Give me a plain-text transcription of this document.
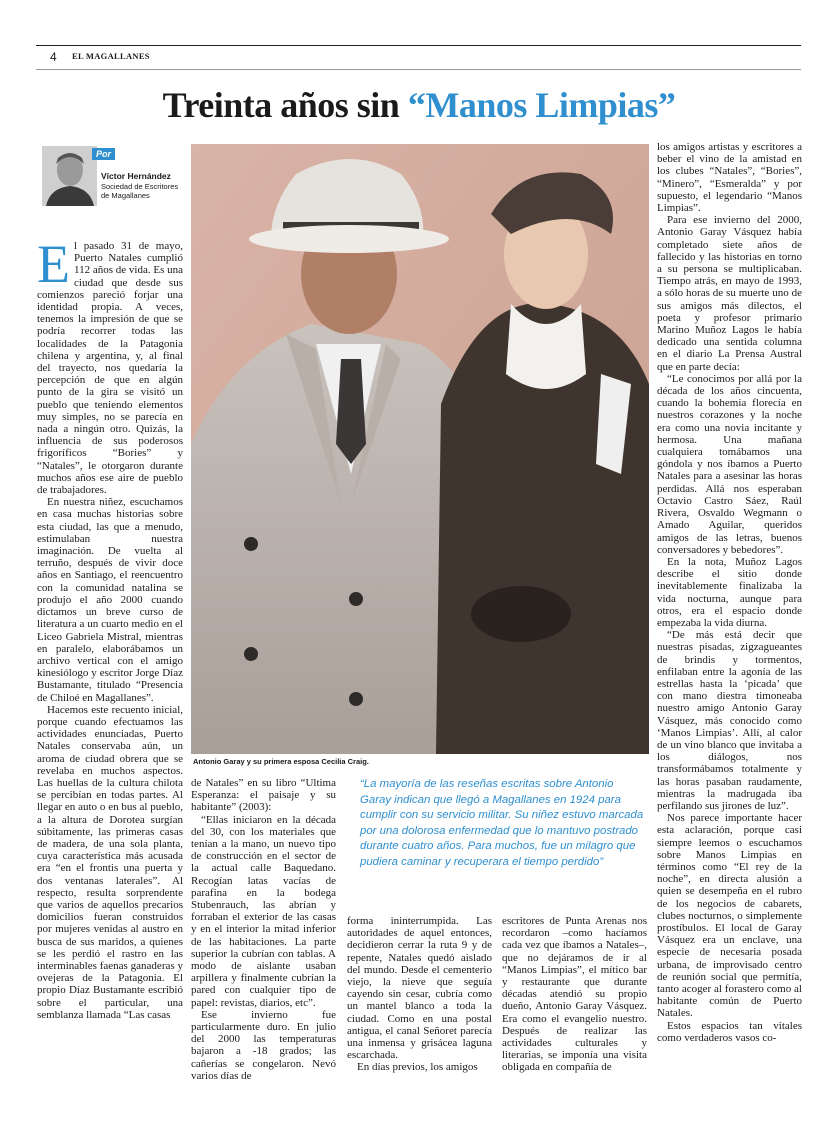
4 EL MAGALLANES
Treinta años sin “Manos Limpias”
Por
Víctor Hernández
Sociedad de Escritores de Magallanes

El pasado 31 de mayo, Puerto Natales cumplió 112 años de vida. Es una ciudad que desde sus comienzos pareció forjar una identidad propia. A veces, tenemos la impresión de que se podría recorrer todas las localidades de la Patagonia chilena y argentina, y, al final del trayecto, nos quedaría la percepción de que en algún punto de la gira se visitó un pueblo que teniendo elementos muy simples, no se parecía en nada a ningún otro. Quizás, la influencia de sus poderosos frigoríficos “Bories” y “Natales”, le otorgaron durante muchos años ese aire de pueblo de trabajadores.

En nuestra niñez, escuchamos en casa muchas historias sobre esta ciudad, las que a menudo, estimulaban nuestra imaginación. De vuelta al terruño, después de vivir doce años en Santiago, el reencuentro con la comunidad natalina se produjo el año 2000 cuando dictamos un breve curso de literatura a un cuarto medio en el Liceo Gabriela Mistral, mientras en paralelo, elaborábamos un archivo vertical con el amigo kinesiólogo y escritor Jorge Díaz Bustamante, titulado “Presencia de Chiloé en Magallanes”.

Hacemos este recuento inicial, porque cuando efectuamos las actividades enunciadas, Puerto Natales conservaba aún, un aroma de ciudad obrera que se revelaba en muchos aspectos. Las huellas de la cultura chilota se percibían en todas partes. Al llegar en auto o en bus al pueblo, a la altura de Dorotea surgían súbitamente, las primeras casas de madera, de una sola planta, cuya característica más acusada era “en el frontis una puerta y dos ventanas laterales”. Al respecto, resulta sorprendente que varios de aquellos precarios domicilios fueran construidos por mujeres venidas al austro en busca de sus maridos, a quienes se les perdió el rastro en las interminables faenas ganaderas y ovejeras de la Patagonia. El propio Díaz Bustamante escribió sobre el particular, una semblanza llamada “Las casas

Antonio Garay y su primera esposa Cecilia Craig.
“La mayoría de las reseñas escritas sobre Antonio Garay indican que llegó a Magallanes en 1924 para cumplir con su servicio militar. Su niñez estuvo marcada por una dolorosa enfermedad que lo mantuvo postrado durante cuatro años. Para muchos, fue un milagro que pudiera caminar y recuperara el tiempo perdido”

de Natales” en su libro “Ultima Esperanza: el paisaje y su habitante” (2003):

“Ellas iniciaron en la década del 30, con los materiales que tenían a la mano, un nuevo tipo de construcción en el sector de la actual calle Baquedano. Recogían latas vacías de parafina en la bodega Stubenrauch, las abrían y forraban el exterior de las casas y en el interior la mitad inferior de las habitaciones. La parte superior la cubrían con tablas. A modo de aislante usaban arpillera y finalmente cubrían la pared con cualquier tipo de papel: revistas, diarios, etc”.

Ese invierno fue particularmente duro. En julio del 2000 las temperaturas bajaron a -18 grados; las cañerías se congelaron. Nevó varios días de

forma ininterrumpida. Las autoridades de aquel entonces, decidieron cerrar la ruta 9 y de repente, Natales quedó aislado del mundo. Desde el cementerio viejo, la nieve que seguía cayendo sin cesar, cubría como un mantel blanco a toda la ciudad. Como en una postal antigua, el canal Señoret parecía una inmensa y grisácea laguna escarchada.

En días previos, los amigos

escritores de Punta Arenas nos recordaron –como hacíamos cada vez que íbamos a Natales–, que no dejáramos de ir al “Manos Limpias”, el mítico bar y restaurante que durante décadas atendió su propio dueño, Antonio Garay Vásquez. Era como el evangelio nuestro. Después de realizar las actividades culturales y literarias, se imponía una visita obligada en compañía de

los amigos artistas y escritores a beber el vino de la amistad en los clubes “Natales”, “Bories”, “Minero”, “Esmeralda” y por supuesto, el legendario “Manos Limpias”.

Para ese invierno del 2000, Antonio Garay Vásquez había completado siete años de fallecido y las historias en torno a su persona se multiplicaban. Tiempo atrás, en mayo de 1993, a sólo horas de su muerte uno de sus amigos más dilectos, el poeta y profesor primario Marino Muñoz Lagos le había dedicado una sentida columna en el diario La Prensa Austral que en parte decía:

“Le conocimos por allá por la década de los años cincuenta, cuando la bohemia florecía en nuestros corazones y la noche era como una novia incitante y hermosa. Una mañana cualquiera tomábamos una góndola y nos íbamos a Puerto Natales para a asesinar las horas perdidas. Allá nos esperaban Octavio Castro Sáez, Raúl Rivera, Osvaldo Wegmann o Amado Aguilar, queridos amigos de las letras, buenos conversadores y bebedores”.

En la nota, Muñoz Lagos describe el sitio donde inevitablemente finalizaba la vida nocturna, aunque para otros, era el espacio donde empezaba la vida diurna.

“De más está decir que nuestras pisadas, zigzagueantes de brindis y tormentos, enfilaban entre la agonía de las estrellas hasta la ‘picada’ que con mano diestra timoneaba nuestro amigo Antonio Garay Vásquez, más conocido como ‘Manos Limpias’. Allí, al calor de un vino blanco que invitaba a los diálogos, nos transformábamos totalmente y las horas pasaban raudamente, mientras la madrugada iba perfilando sus jirones de luz”.

Nos parece importante hacer esta aclaración, porque casi siempre leemos o escuchamos sobre Manos Limpias en términos como “El rey de la noche”, en directa alusión a quien se desempeña en el rubro de los negocios de cabarets, clubes nocturnos, o simplemente prostíbulos. El local de Garay Vásquez era un enclave, una especie de necesaria posada urbana, de improvisado centro de reunión social que permitía, tanto acoger al forastero como al habitante común de Puerto Natales.

Estos espacios tan vitales como verdaderos vasos co-
